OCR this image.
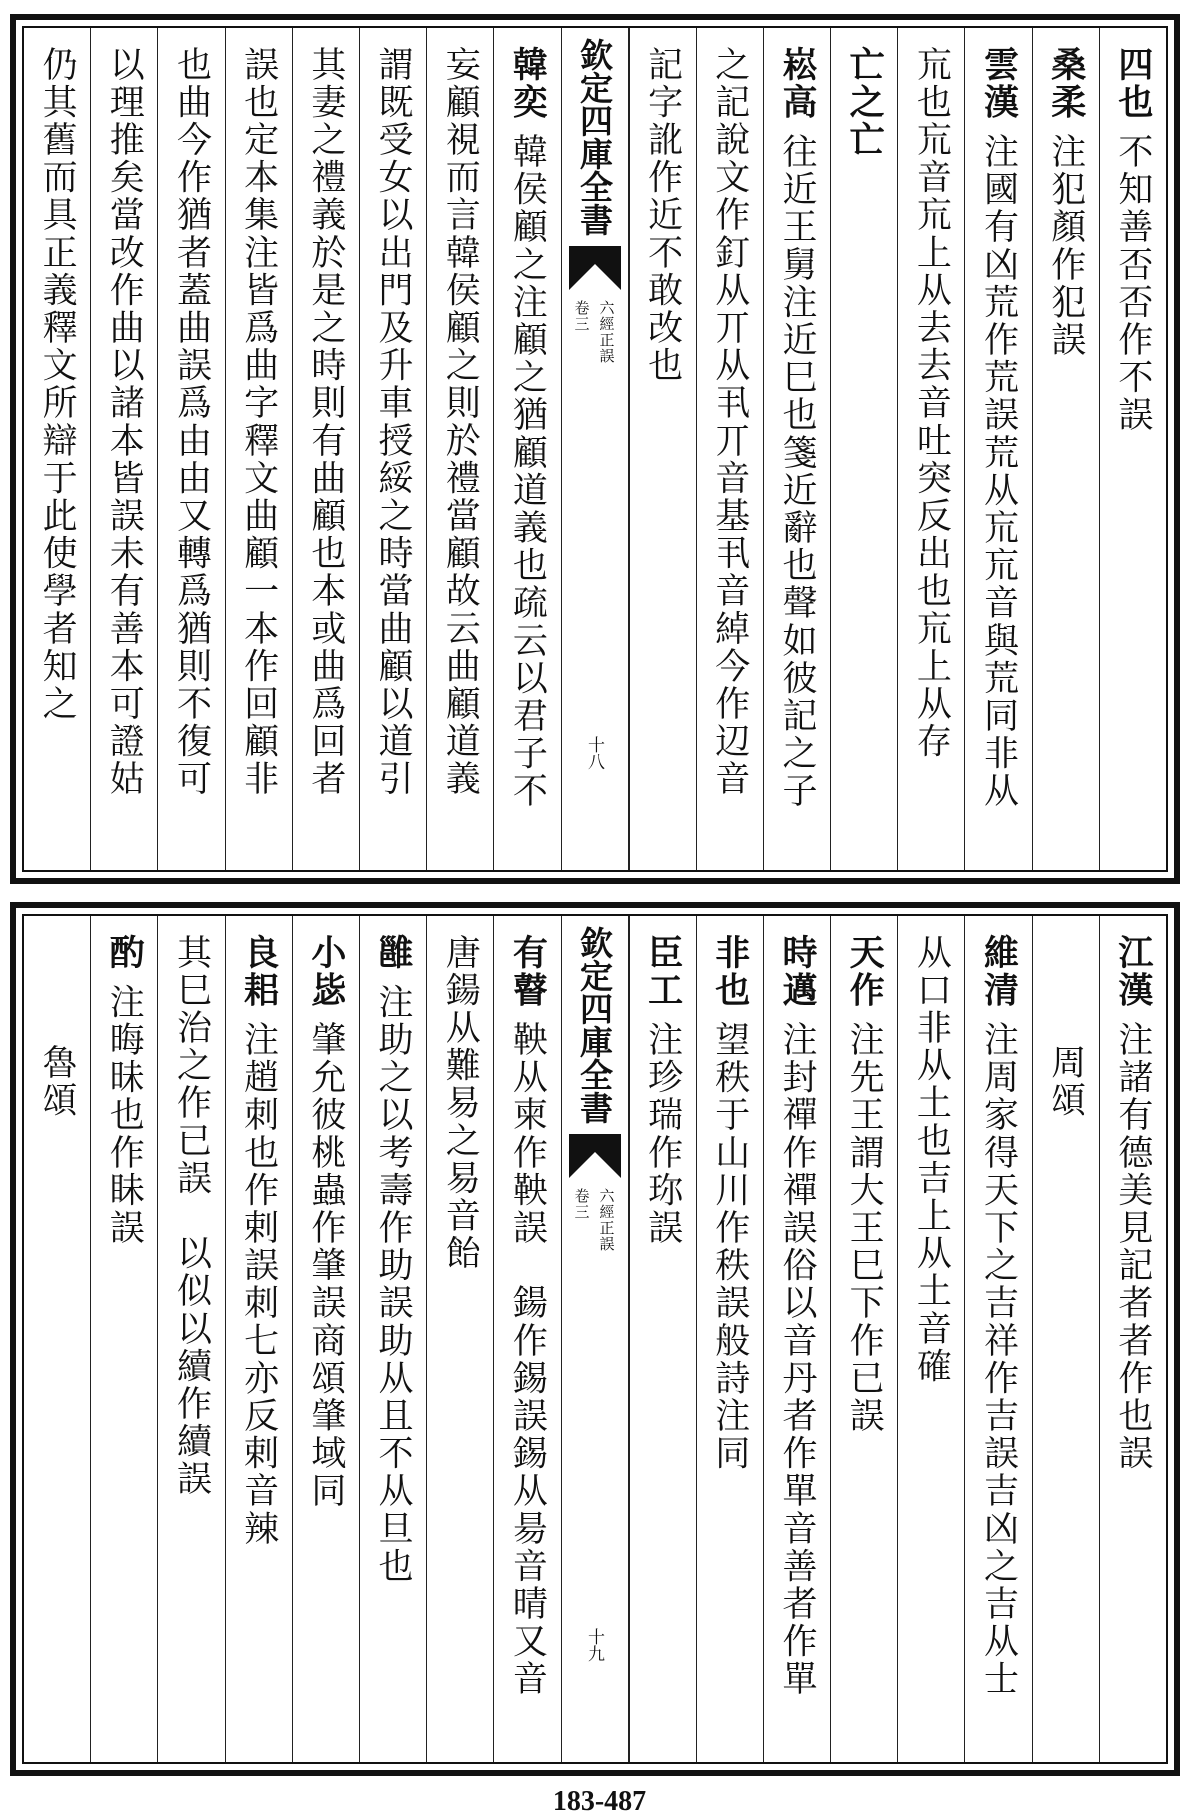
四也不知善否否作不誤
桑柔注犯顏作犯誤
雲漢注國有凶荒作荒誤荒从巟巟音與荒同非从
巟也巟音巟上从去去音吐突反出也巟上从存
亡之亡
崧高往近王舅注近巳也箋近辭也聲如彼記之子
之記說文作釘从丌从丮丌音基丮音綽今作辺音
記字訛作近不敢改也
欽定四庫全書
六經正誤
卷三
十八
韓奕韓侯顧之注顧之猶顧道義也疏云以君子不
妄顧視而言韓侯顧之則於禮當顧故云曲顧道義
謂既受女以出門及升車授綏之時當曲顧以道引
其妻之禮義於是之時則有曲顧也本或曲爲回者
誤也定本集注皆爲曲字釋文曲顧一本作回顧非
也曲今作猶者蓋曲誤爲由由又轉爲猶則不復可
以理推矣當改作曲以諸本皆誤未有善本可證姑
仍其舊而具正義釋文所辯于此使學者知之
江漢注諸有德美見記者者作也誤
周頌
維清注周家得天下之吉祥作吉誤吉凶之吉从士
从口非从土也吉上从土音確
天作注先王謂大王巳下作已誤
時邁注封禪作禪誤俗以音丹者作單音善者作單
非也望秩于山川作秩誤般詩注同
臣工注珍瑞作珎誤
欽定四庫全書
六經正誤
卷三
十九
有瞽鞅从柬作鞅誤　鍚作錫誤錫从昜音晴又音
唐鍚从難易之易音飴
雝注助之以考壽作助誤助从且不从旦也
小毖肇允彼桃蟲作肇誤商頌肇域同
良耜注趙刺也作剌誤刺七亦反剌音辣
其巳治之作已誤　以似以續作續誤
酌注晦昧也作眛誤
魯頌
183-487
